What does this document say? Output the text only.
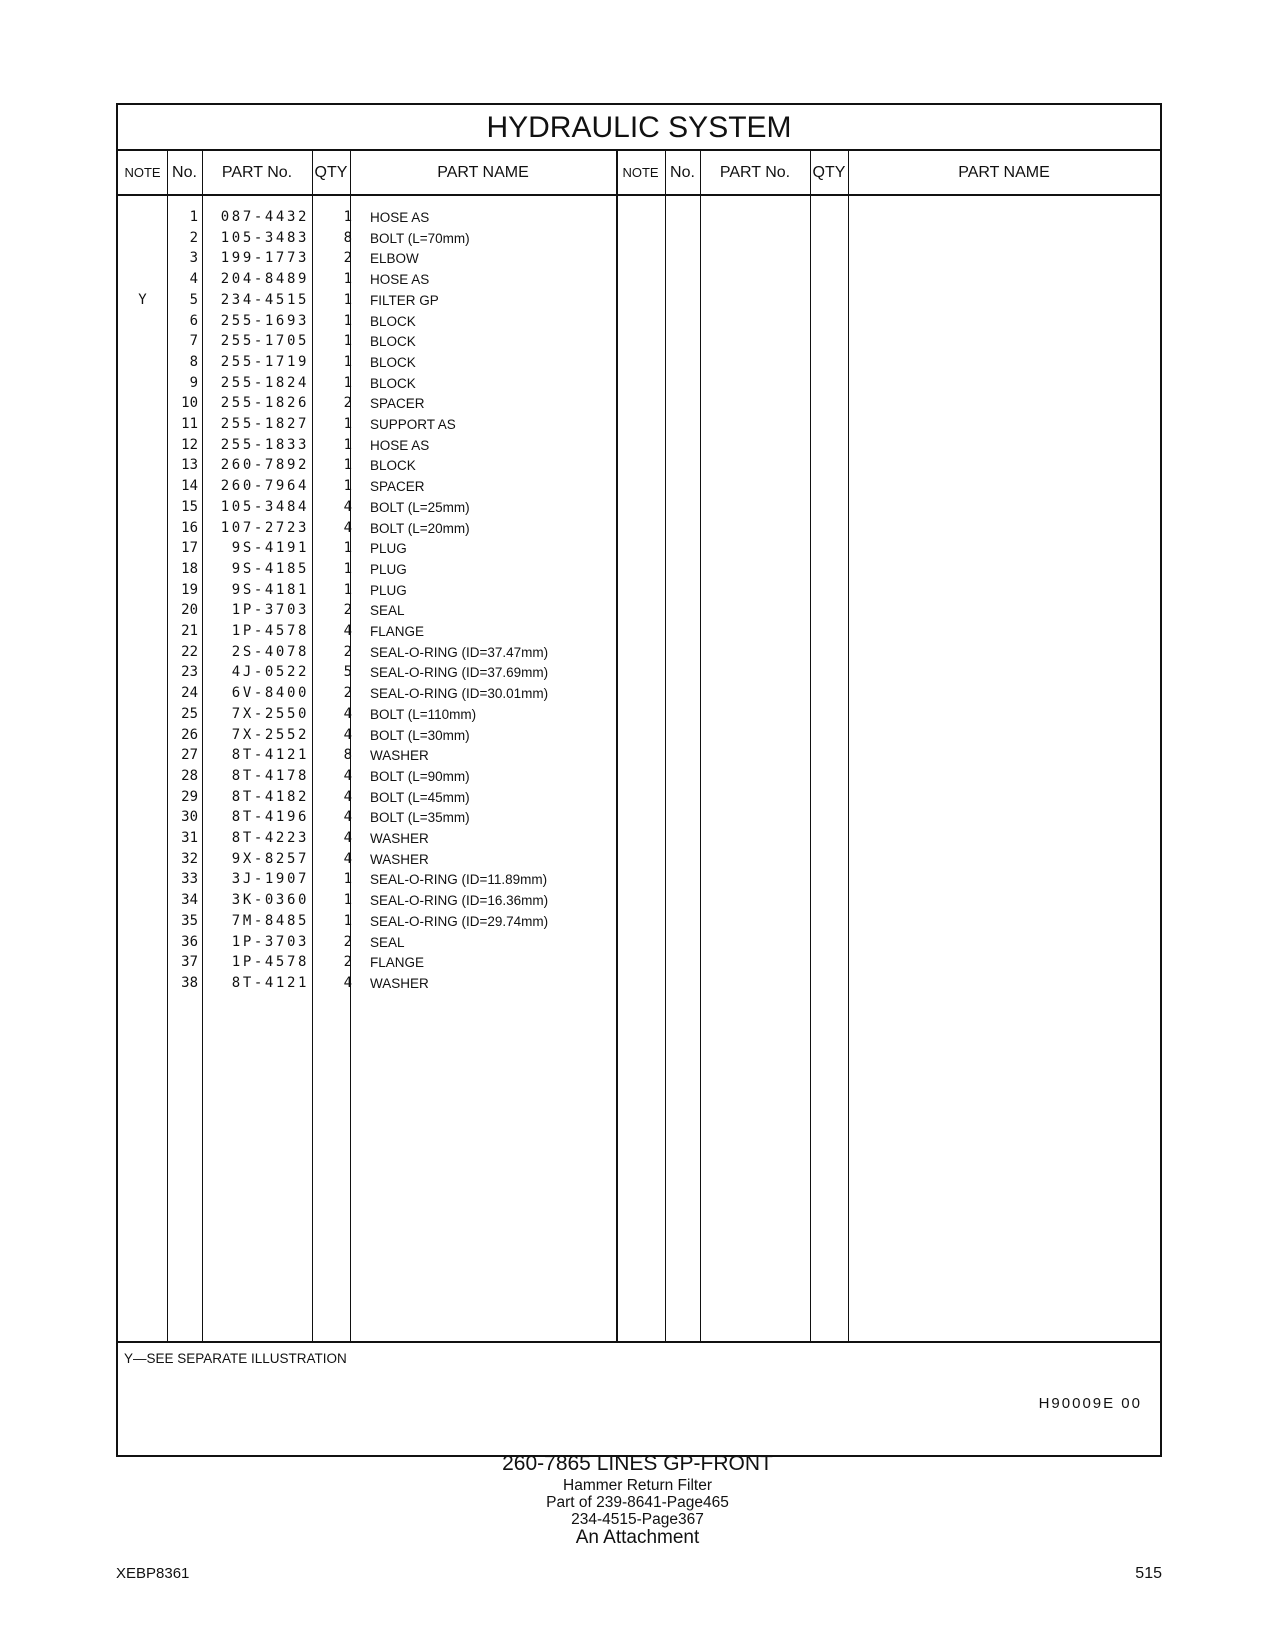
HYDRAULIC SYSTEM
NOTE No.	PART No.	QTY	PART NAME	NOTE No.	PART No.	QTY	PART NAME
1	087-4432	1 HOSE AS
2	105-3483	8 BOLT (L=70mm)
3	199-1773	2 ELBOW
4	204-8489	1 HOSE AS
Y	5	234-4515	1 FILTER GP
6	255-1693	1 BLOCK
7	255-1705	1 BLOCK
8	255-1719	1 BLOCK
9	255-1824	1 BLOCK
10	255-1826	2 SPACER
11	255-1827	1 SUPPORT AS
12	255-1833	1 HOSE AS
13	260-7892	1 BLOCK
14	260-7964	1 SPACER
15	105-3484	4 BOLT (L=25mm)
16	107-2723	4 BOLT (L=20mm)
17	9S-4191	1 PLUG
18	9S-4185	1 PLUG
19	9S-4181	1 PLUG
20	1P-3703	2 SEAL
21	1P-4578	4 FLANGE
22	2S-4078	2 SEAL-O-RING (ID=37.47mm)
23	4J-0522	5 SEAL-O-RING (ID=37.69mm)
24	6V-8400	2 SEAL-O-RING (ID=30.01mm)
25	7X-2550	4 BOLT (L=110mm)
26	7X-2552	4 BOLT (L=30mm)
27	8T-4121	8 WASHER
28	8T-4178	4 BOLT (L=90mm)
29	8T-4182	4 BOLT (L=45mm)
30	8T-4196	4 BOLT (L=35mm)
31	8T-4223	4 WASHER
32	9X-8257	4 WASHER
33	3J-1907	1 SEAL-O-RING (ID=11.89mm)
34	3K-0360	1 SEAL-O-RING (ID=16.36mm)
35	7M-8485	1 SEAL-O-RING (ID=29.74mm)
36	1P-3703	2 SEAL
37	1P-4578	2 FLANGE
38	8T-4121	4 WASHER
Y—SEE SEPARATE ILLUSTRATION
H90009E 00
260-7865 LINES GP-FRONT
Hammer Return Filter
Part of 239-8641-Page465
234-4515-Page367
An Attachment
XEBP8361	515
